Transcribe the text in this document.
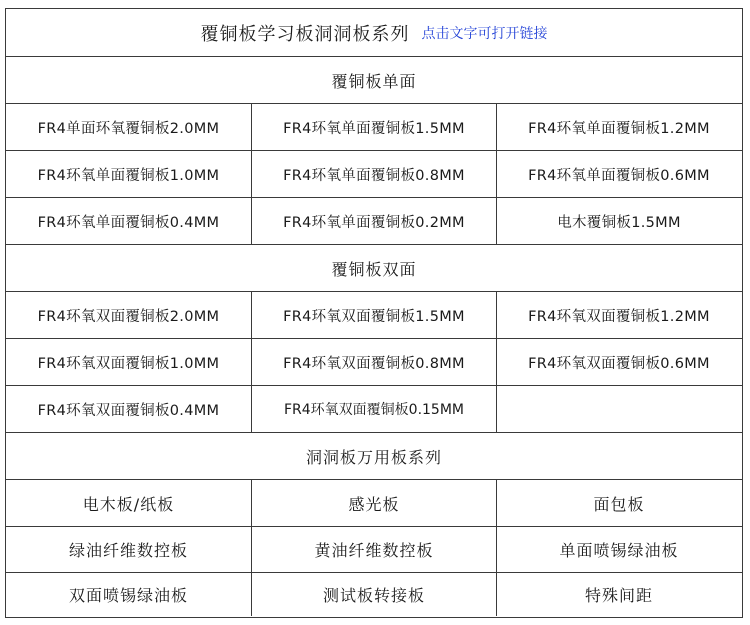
覆铜板学习板洞洞板系列 点击文字可打开链接
覆铜板单面
FR4单面环氧覆铜板2.0MM	FR4环氧单面覆铜板1.5MM	FR4环氧单面覆铜板1.2MM
FR4环氧单面覆铜板1.0MM	FR4环氧单面覆铜板0.8MM	FR4环氧单面覆铜板0.6MM
FR4环氧单面覆铜板0.4MM	FR4环氧单面覆铜板0.2MM	电木覆铜板1.5MM
覆铜板双面
FR4环氧双面覆铜板2.0MM	FR4环氧双面覆铜板1.5MM	FR4环氧双面覆铜板1.2MM
FR4环氧双面覆铜板1.0MM	FR4环氧双面覆铜板0.8MM	FR4环氧双面覆铜板0.6MM
FR4环氧双面覆铜板0.4MM	FR4环氧双面覆铜板0.15MM
洞洞板万用板系列
电木板/纸板	感光板	面包板
绿油纤维数控板	黄油纤维数控板	单面喷锡绿油板
双面喷锡绿油板	测试板转接板	特殊间距
